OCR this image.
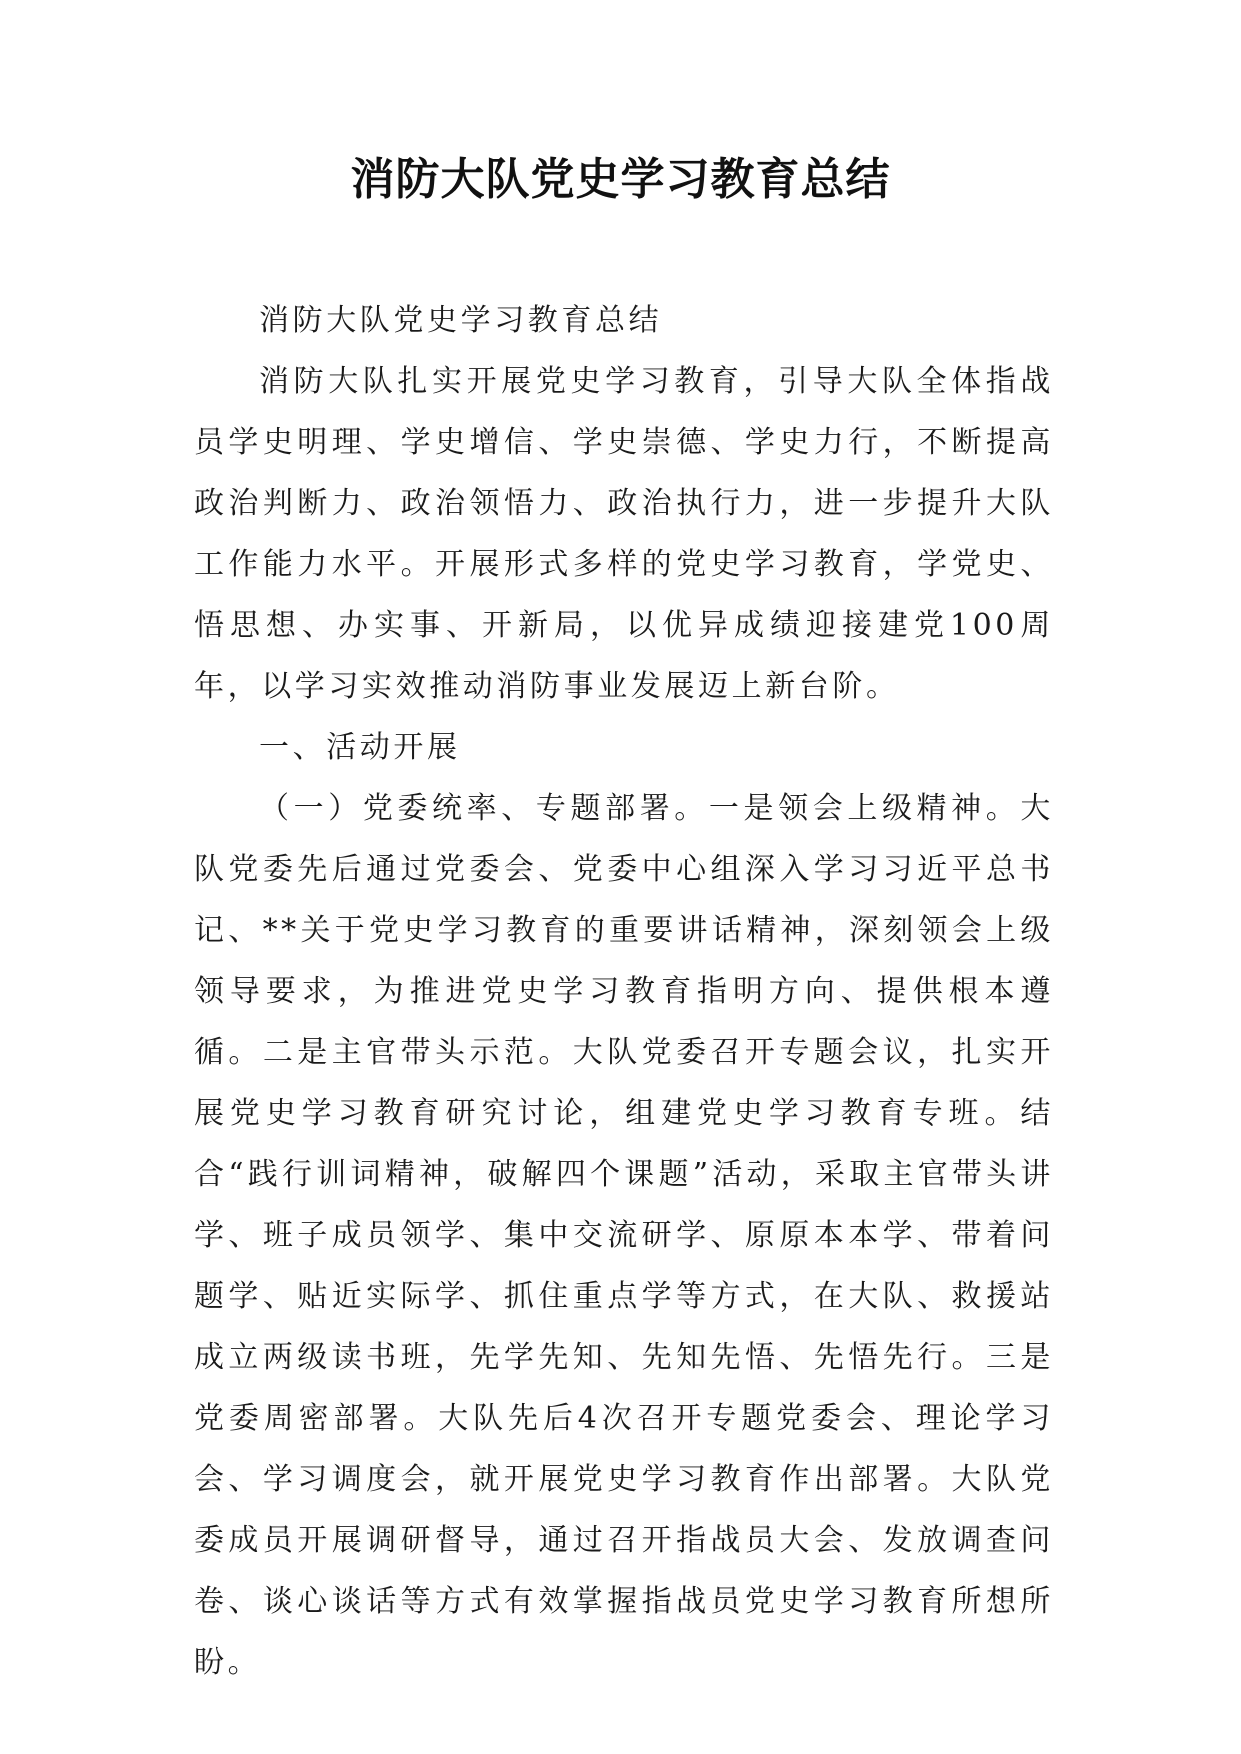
消防大队党史学习教育总结

消防大队党史学习教育总结

消防大队扎实开展党史学习教育，引导大队全体指战员学史明理、学史增信、学史崇德、学史力行，不断提高政治判断力、政治领悟力、政治执行力，进一步提升大队工作能力水平。开展形式多样的党史学习教育，学党史、悟思想、办实事、开新局，以优异成绩迎接建党100周年，以学习实效推动消防事业发展迈上新台阶。

一、活动开展

（一）党委统率、专题部署。一是领会上级精神。大队党委先后通过党委会、党委中心组深入学习习近平总书记、**关于党史学习教育的重要讲话精神，深刻领会上级领导要求，为推进党史学习教育指明方向、提供根本遵循。二是主官带头示范。大队党委召开专题会议，扎实开展党史学习教育研究讨论，组建党史学习教育专班。结合“践行训词精神，破解四个课题”活动，采取主官带头讲学、班子成员领学、集中交流研学、原原本本学、带着问题学、贴近实际学、抓住重点学等方式，在大队、救援站成立两级读书班，先学先知、先知先悟、先悟先行。三是党委周密部署。大队先后4次召开专题党委会、理论学习会、学习调度会，就开展党史学习教育作出部署。大队党委成员开展调研督导，通过召开指战员大会、发放调查问卷、谈心谈话等方式有效掌握指战员党史学习教育所想所盼。
